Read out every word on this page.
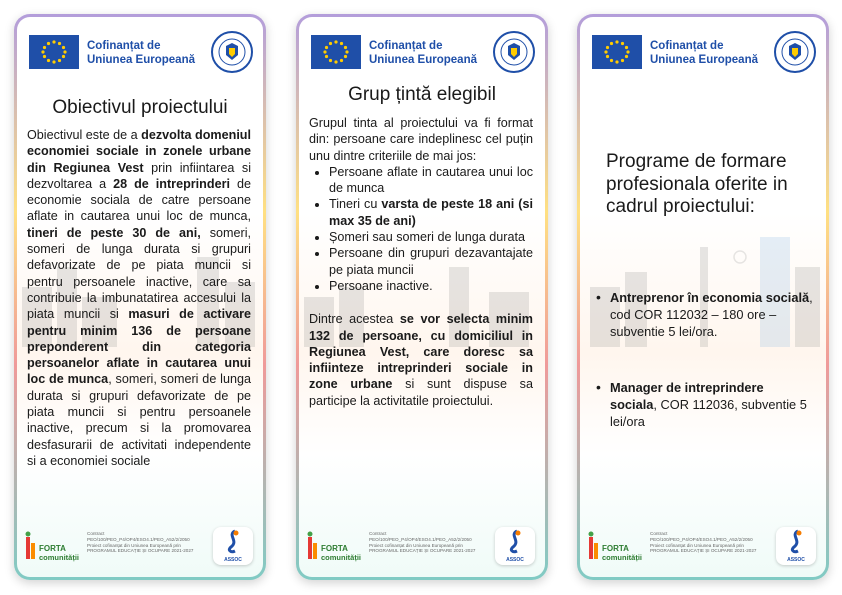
Cofinanțat de
Uniunea Europeană
Obiectivul proiectului
Obiectivul este de a dezvolta domeniul economiei sociale in zonele urbane din Regiunea Vest prin infiintarea si dezvoltarea a 28 de intreprinderi de economie sociala de catre persoane aflate in cautarea unui loc de munca, tineri de peste 30 de ani, someri, someri de lunga durata si grupuri defavorizate de pe piata muncii si pentru persoanele inactive, care sa contribuie la imbunatatirea accesului la piata muncii si masuri de activare pentru minim 136 de persoane preponderent din categoria persoanelor aflate in cautarea unui loc de munca, someri, someri de lunga durata si grupuri defavorizate de pe piata muncii si pentru persoanele inactive, precum si la promovarea desfasurarii de activitati independente si a economiei sociale
FORTA
comunității
Contract PEO/100/PEO_P4/OP4/ESO4.1/PEO_A52/2/2050 Proiect cofinanțat din Uniunea Europeană prin PROGRAMUL EDUCAȚIE ȘI OCUPARE 2021-2027
ASSOC
Cofinanțat de
Uniunea Europeană
Grup țintă elegibil
Grupul tinta al proiectului va fi format din: persoane care indeplinesc cel puțin unu dintre criteriile de mai jos:
• Persoane aflate in cautarea unui loc de munca
• Tineri cu varsta de peste 18 ani (si max 35 de ani)
• Șomeri sau someri de lunga durata
• Persoane din grupuri dezavantajate pe piata muncii
• Persoane inactive.
Dintre acestea se vor selecta minim 132 de persoane, cu domiciliul in Regiunea Vest, care doresc sa infiinteze intreprinderi sociale in zone urbane si sunt dispuse sa participe la activitatile proiectului.
FORTA
comunității
Contract PEO/100/PEO_P4/OP4/ESO4.1/PEO_A52/2/2050 Proiect cofinanțat din Uniunea Europeană prin PROGRAMUL EDUCAȚIE ȘI OCUPARE 2021-2027
ASSOC
Cofinanțat de
Uniunea Europeană
Programe de formare profesionala oferite in cadrul proiectului:
• Antreprenor în economia socială, cod COR 112032 – 180 ore – subventie 5 lei/ora.
• Manager de intreprindere sociala, COR 112036, subventie 5 lei/ora
FORTA
comunității
Contract PEO/100/PEO_P4/OP4/ESO4.1/PEO_A52/2/2050 Proiect cofinanțat din Uniunea Europeană prin PROGRAMUL EDUCAȚIE ȘI OCUPARE 2021-2027
ASSOC
